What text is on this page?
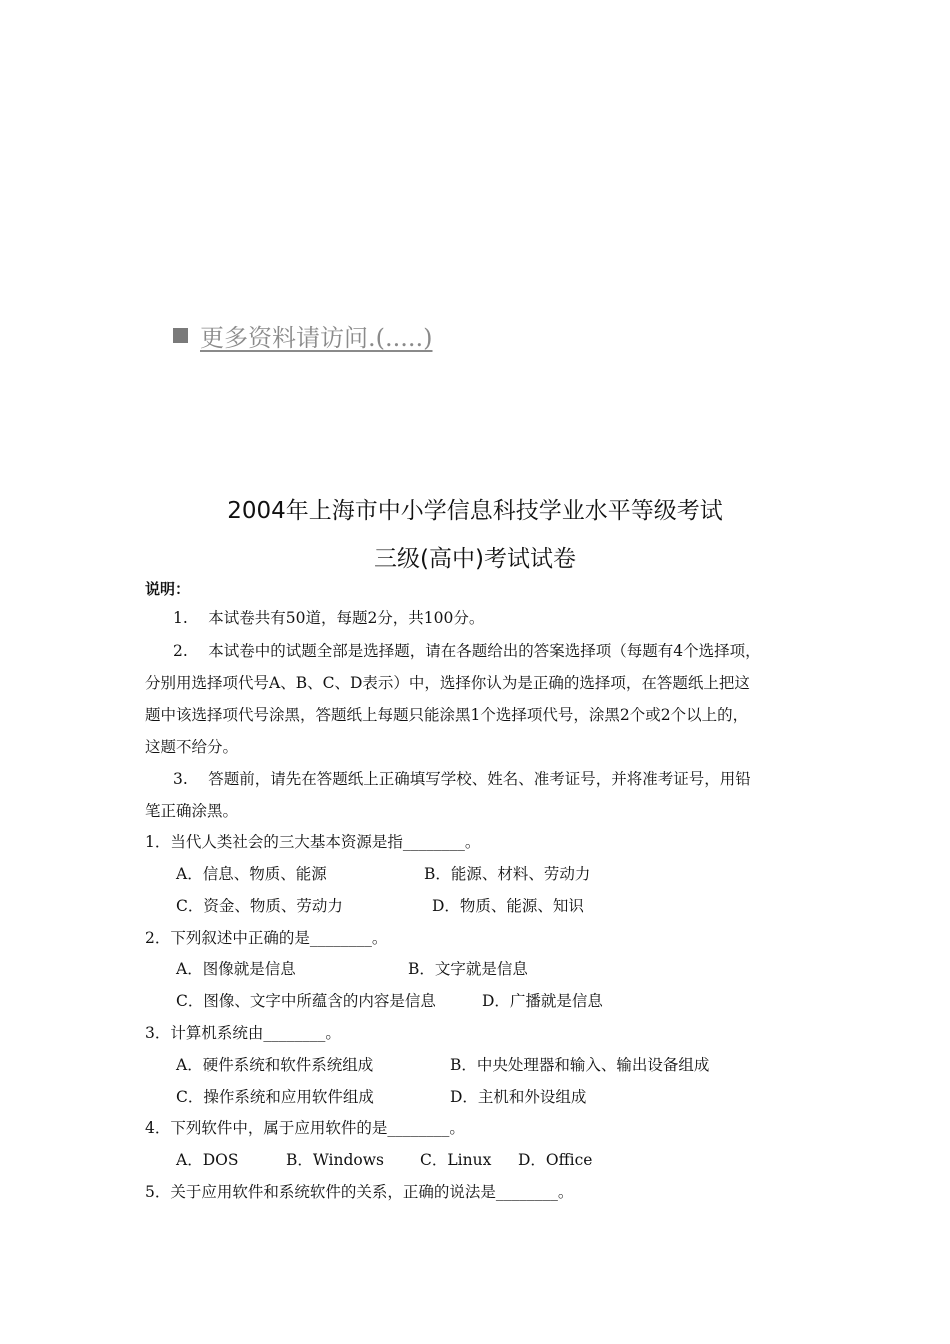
更多资料请访问.(.....)
2004年上海市中小学信息科技学业水平等级考试
三级(高中)考试试卷
说明：
1.　 本试卷共有50道，每题2分，共100分。
2.　 本试卷中的试题全部是选择题，请在各题给出的答案选择项（每题有4个选择项，
分别用选择项代号A、B、C、D表示）中，选择你认为是正确的选择项，在答题纸上把这
题中该选择项代号涂黑，答题纸上每题只能涂黑1个选择项代号，涂黑2个或2个以上的，
这题不给分。
3.　 答题前，请先在答题纸上正确填写学校、姓名、准考证号，并将准考证号，用铅
笔正确涂黑。
1．当代人类社会的三大基本资源是指________。
A．信息、物质、能源	B．能源、材料、劳动力
C．资金、物质、劳动力	D．物质、能源、知识
2．下列叙述中正确的是________。
A．图像就是信息	B．文字就是信息
C．图像、文字中所蕴含的内容是信息	D．广播就是信息
3．计算机系统由________。
A．硬件系统和软件系统组成	B．中央处理器和输入、输出设备组成
C．操作系统和应用软件组成	D．主机和外设组成
4．下列软件中，属于应用软件的是________。
A．DOS	B．Windows C．Linux D．Office
5．关于应用软件和系统软件的关系，正确的说法是________。
